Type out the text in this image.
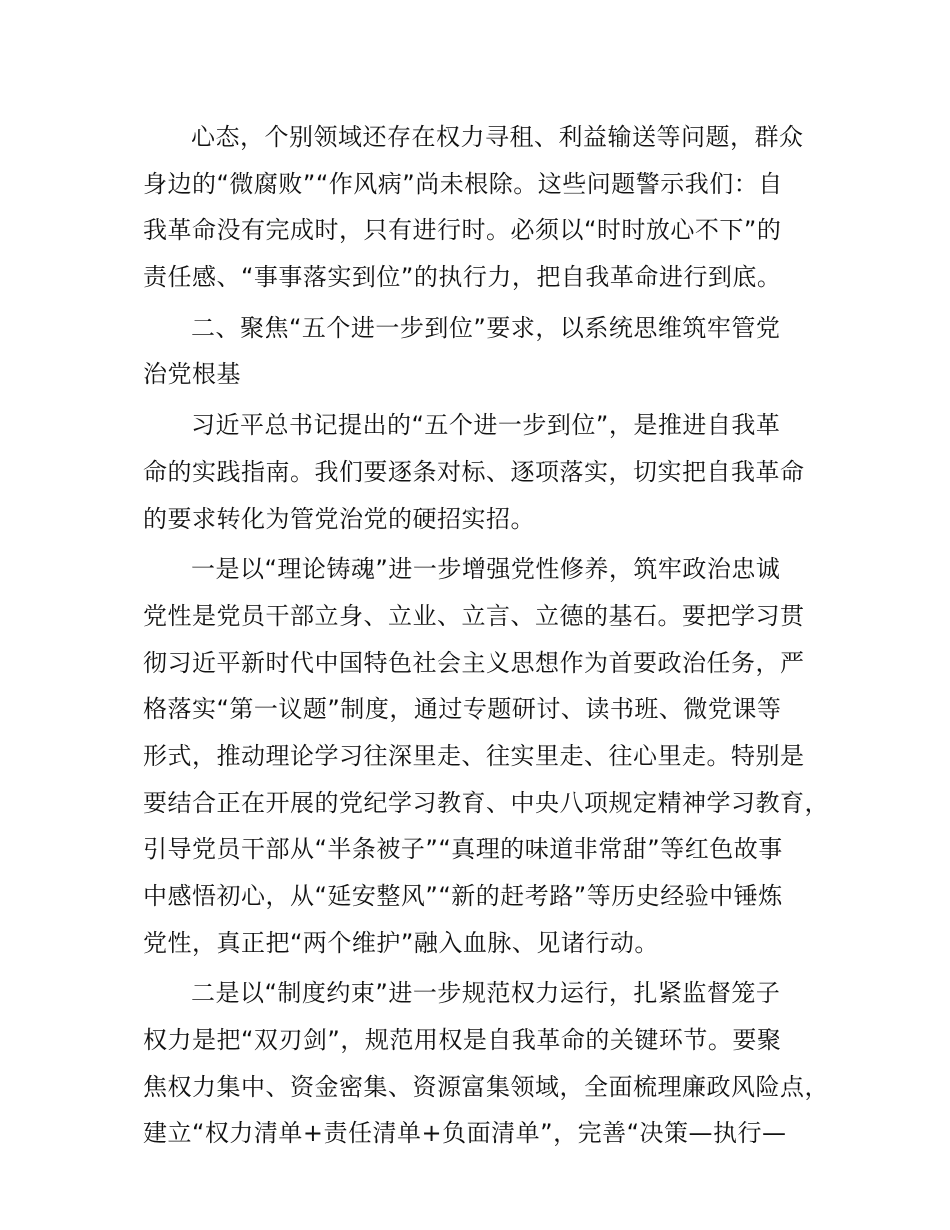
心态，个别领域还存在权力寻租、利益输送等问题，群众
身边的“微腐败”“作风病”尚未根除。这些问题警示我们：自
我革命没有完成时，只有进行时。必须以“时时放心不下”的
责任感、“事事落实到位”的执行力，把自我革命进行到底。
二、聚焦“五个进一步到位”要求，以系统思维筑牢管党
治党根基
习近平总书记提出的“五个进一步到位”，是推进自我革
命的实践指南。我们要逐条对标、逐项落实，切实把自我革命
的要求转化为管党治党的硬招实招。
一是以“理论铸魂”进一步增强党性修养，筑牢政治忠诚
党性是党员干部立身、立业、立言、立德的基石。要把学习贯
彻习近平新时代中国特色社会主义思想作为首要政治任务，严
格落实“第一议题”制度，通过专题研讨、读书班、微党课等
形式，推动理论学习往深里走、往实里走、往心里走。特别是
要结合正在开展的党纪学习教育、中央八项规定精神学习教育，
引导党员干部从“半条被子”“真理的味道非常甜”等红色故事
中感悟初心，从“延安整风”“新的赶考路”等历史经验中锤炼
党性，真正把“两个维护”融入血脉、见诸行动。
二是以“制度约束”进一步规范权力运行，扎紧监督笼子
权力是把“双刃剑”，规范用权是自我革命的关键环节。要聚
焦权力集中、资金密集、资源富集领域，全面梳理廉政风险点，
建立“权力清单+责任清单+负面清单”，完善“决策—执行—
